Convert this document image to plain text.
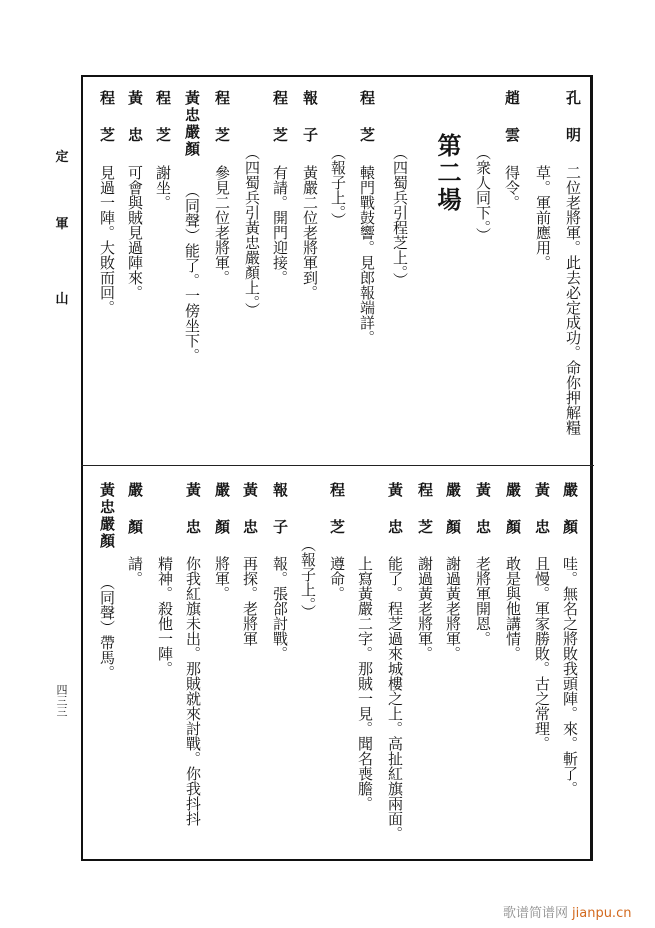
定
軍
山
四三三
歌谱简谱网 jianpu.cn
孔明
二位老將軍。此去必定成功。命你押解糧
草。軍前應用。
趙雲
得令。
（衆人同下。）
第二場
（四蜀兵引程芝上。）
程芝
轅門戰鼓響。見郎報端詳。
（報子上。）
報子
黃嚴二位老將軍到。
程芝
有請。開門迎接。
（四蜀兵引黃忠嚴顏上。）
程芝
參見二位老將軍。
黃忠嚴顏
（同聲）能了。一傍坐下。
程芝
謝坐。
黃忠
可會與賊見過陣來。
程芝
見過一陣。大敗而回。
嚴顏
哇。無名之將敗我頭陣。來。斬了。
黃忠
且慢。軍家勝敗。古之常理。
嚴顏
敢是與他講情。
黃忠
老將軍開恩。
嚴顏
謝過黃老將軍。
程芝
謝過黃老將軍。
黃忠
能了。程芝過來城樓之上。高扯紅旗兩面。
上寫黃嚴二字。那賊一見。聞名喪膽。
程芝
遵命。
（報子上。）
報子
報。張郃討戰。
黃忠
再探。老將軍
嚴顏
將軍。
黃忠
你我紅旗未出。那賊就來討戰。你我抖抖
精神。殺他一陣。
嚴顏
請。
黃忠嚴顏
（同聲）帶馬。
